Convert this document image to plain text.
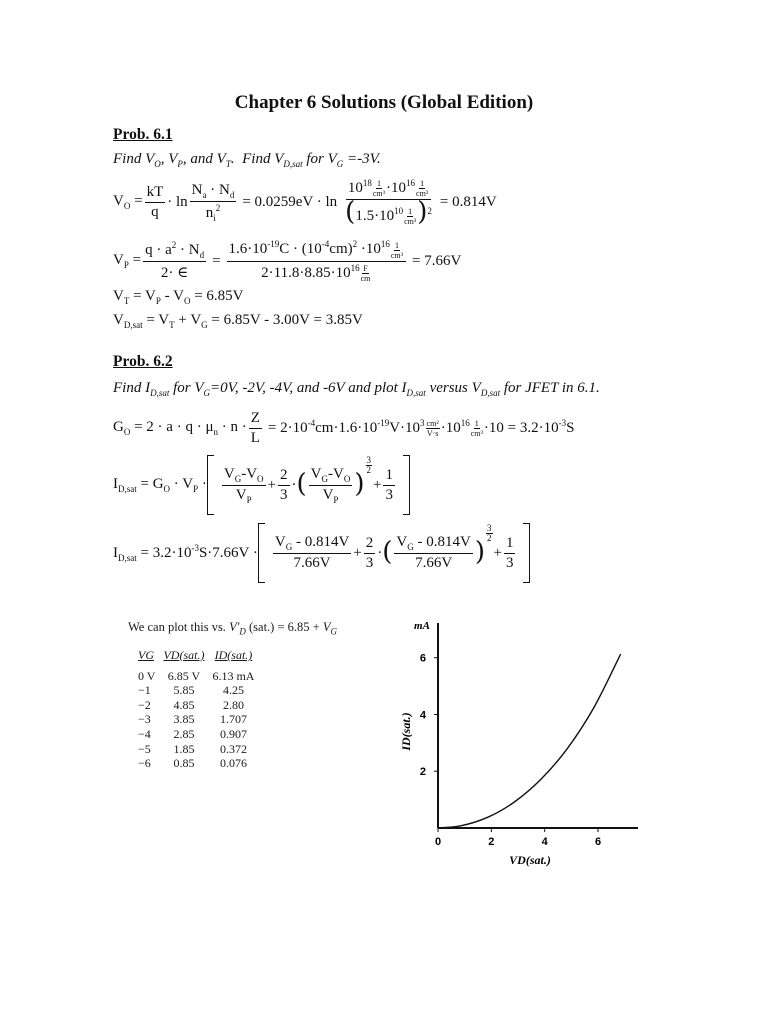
Chapter 6 Solutions (Global Edition)
Prob. 6.1
Find $V_O$, $V_P$, and $V_T$.  Find $V_{D,sat}$ for $V_G =-3V$.
$V_O = \frac{kT}{q} \cdot \ln \frac{N_a \cdot N_d}{n_i^2} = 0.0259eV \cdot \ln \frac{10^{18} \frac{1}{\text{cm³}} \cdot 10^{16} \frac{1}{\text{cm³}}}{(1.5\cdot 10^{10} \frac{1}{\text{cm³}} )^2} = 0.814V$
$V_P = \frac{q \cdot a^2 \cdot N_d}{2\cdot \in} = \frac{1.6\cdot 10^{-19}C \cdot (10^{-4}cm)^2 \cdot 10^{16} \frac{1}{\text{cm³}}}{2\cdot 11.8\cdot 8.85\cdot 10^{16} \frac{F}{cm}} = 7.66V$
$V_T = V_P - V_O = 6.85V$
$V_{D,sat} = V_T + V_G = 6.85V - 3.00V = 3.85V$
Prob. 6.2
Find $I_{D,sat}$ for $V_G=0V$, -2V, -4V, and -6V and plot $I_{D,sat}$ versus $V_{D,sat}$ for JFET in 6.1.
$G_O = 2 \cdot a \cdot q \cdot \mu_n \cdot n \cdot \frac{Z}{L} = 2\cdot 10^{-4}cm\cdot 1.6\cdot 10^{-19}V\cdot 10^3 \frac{\text{cm²}}{V\cdot s} \cdot 10^{16} \frac{1}{\text{cm³}} \cdot 10 = 3.2\cdot 10^{-3}S$
$I_{D,sat} = G_O \cdot V_P \cdot \frac{V_G-V_O}{V_P} + \frac{2}{3}$ · ( $\frac{V_G-V_O}{V_P}$ )
3
2
+ $\frac{1}{3}$
$I_{D,sat} = 3.2\cdot 10^{-3}S\cdot 7.66V \cdot \frac{V_G - 0.814V}{7.66V} + \frac{2}{3}$ · ( $\frac{V_G - 0.814V}{7.66V}$ )
3
2
+ $\frac{1}{3}$
We can plot this vs. $V'_D$ $(sat.) = 6.85 + V_G$
VG	VD(sat.)	ID(sat.)
0 V	6.85 V	6.13 mA
−1	5.85	4.25
−2	4.85	2.80
−3	3.85	1.707
−4	2.85	0.907
−5	1.85	0.372
−6	0.85	0.076
0	2	4	6
2
4
6
mA
ID(sat.)
VD(sat.)
